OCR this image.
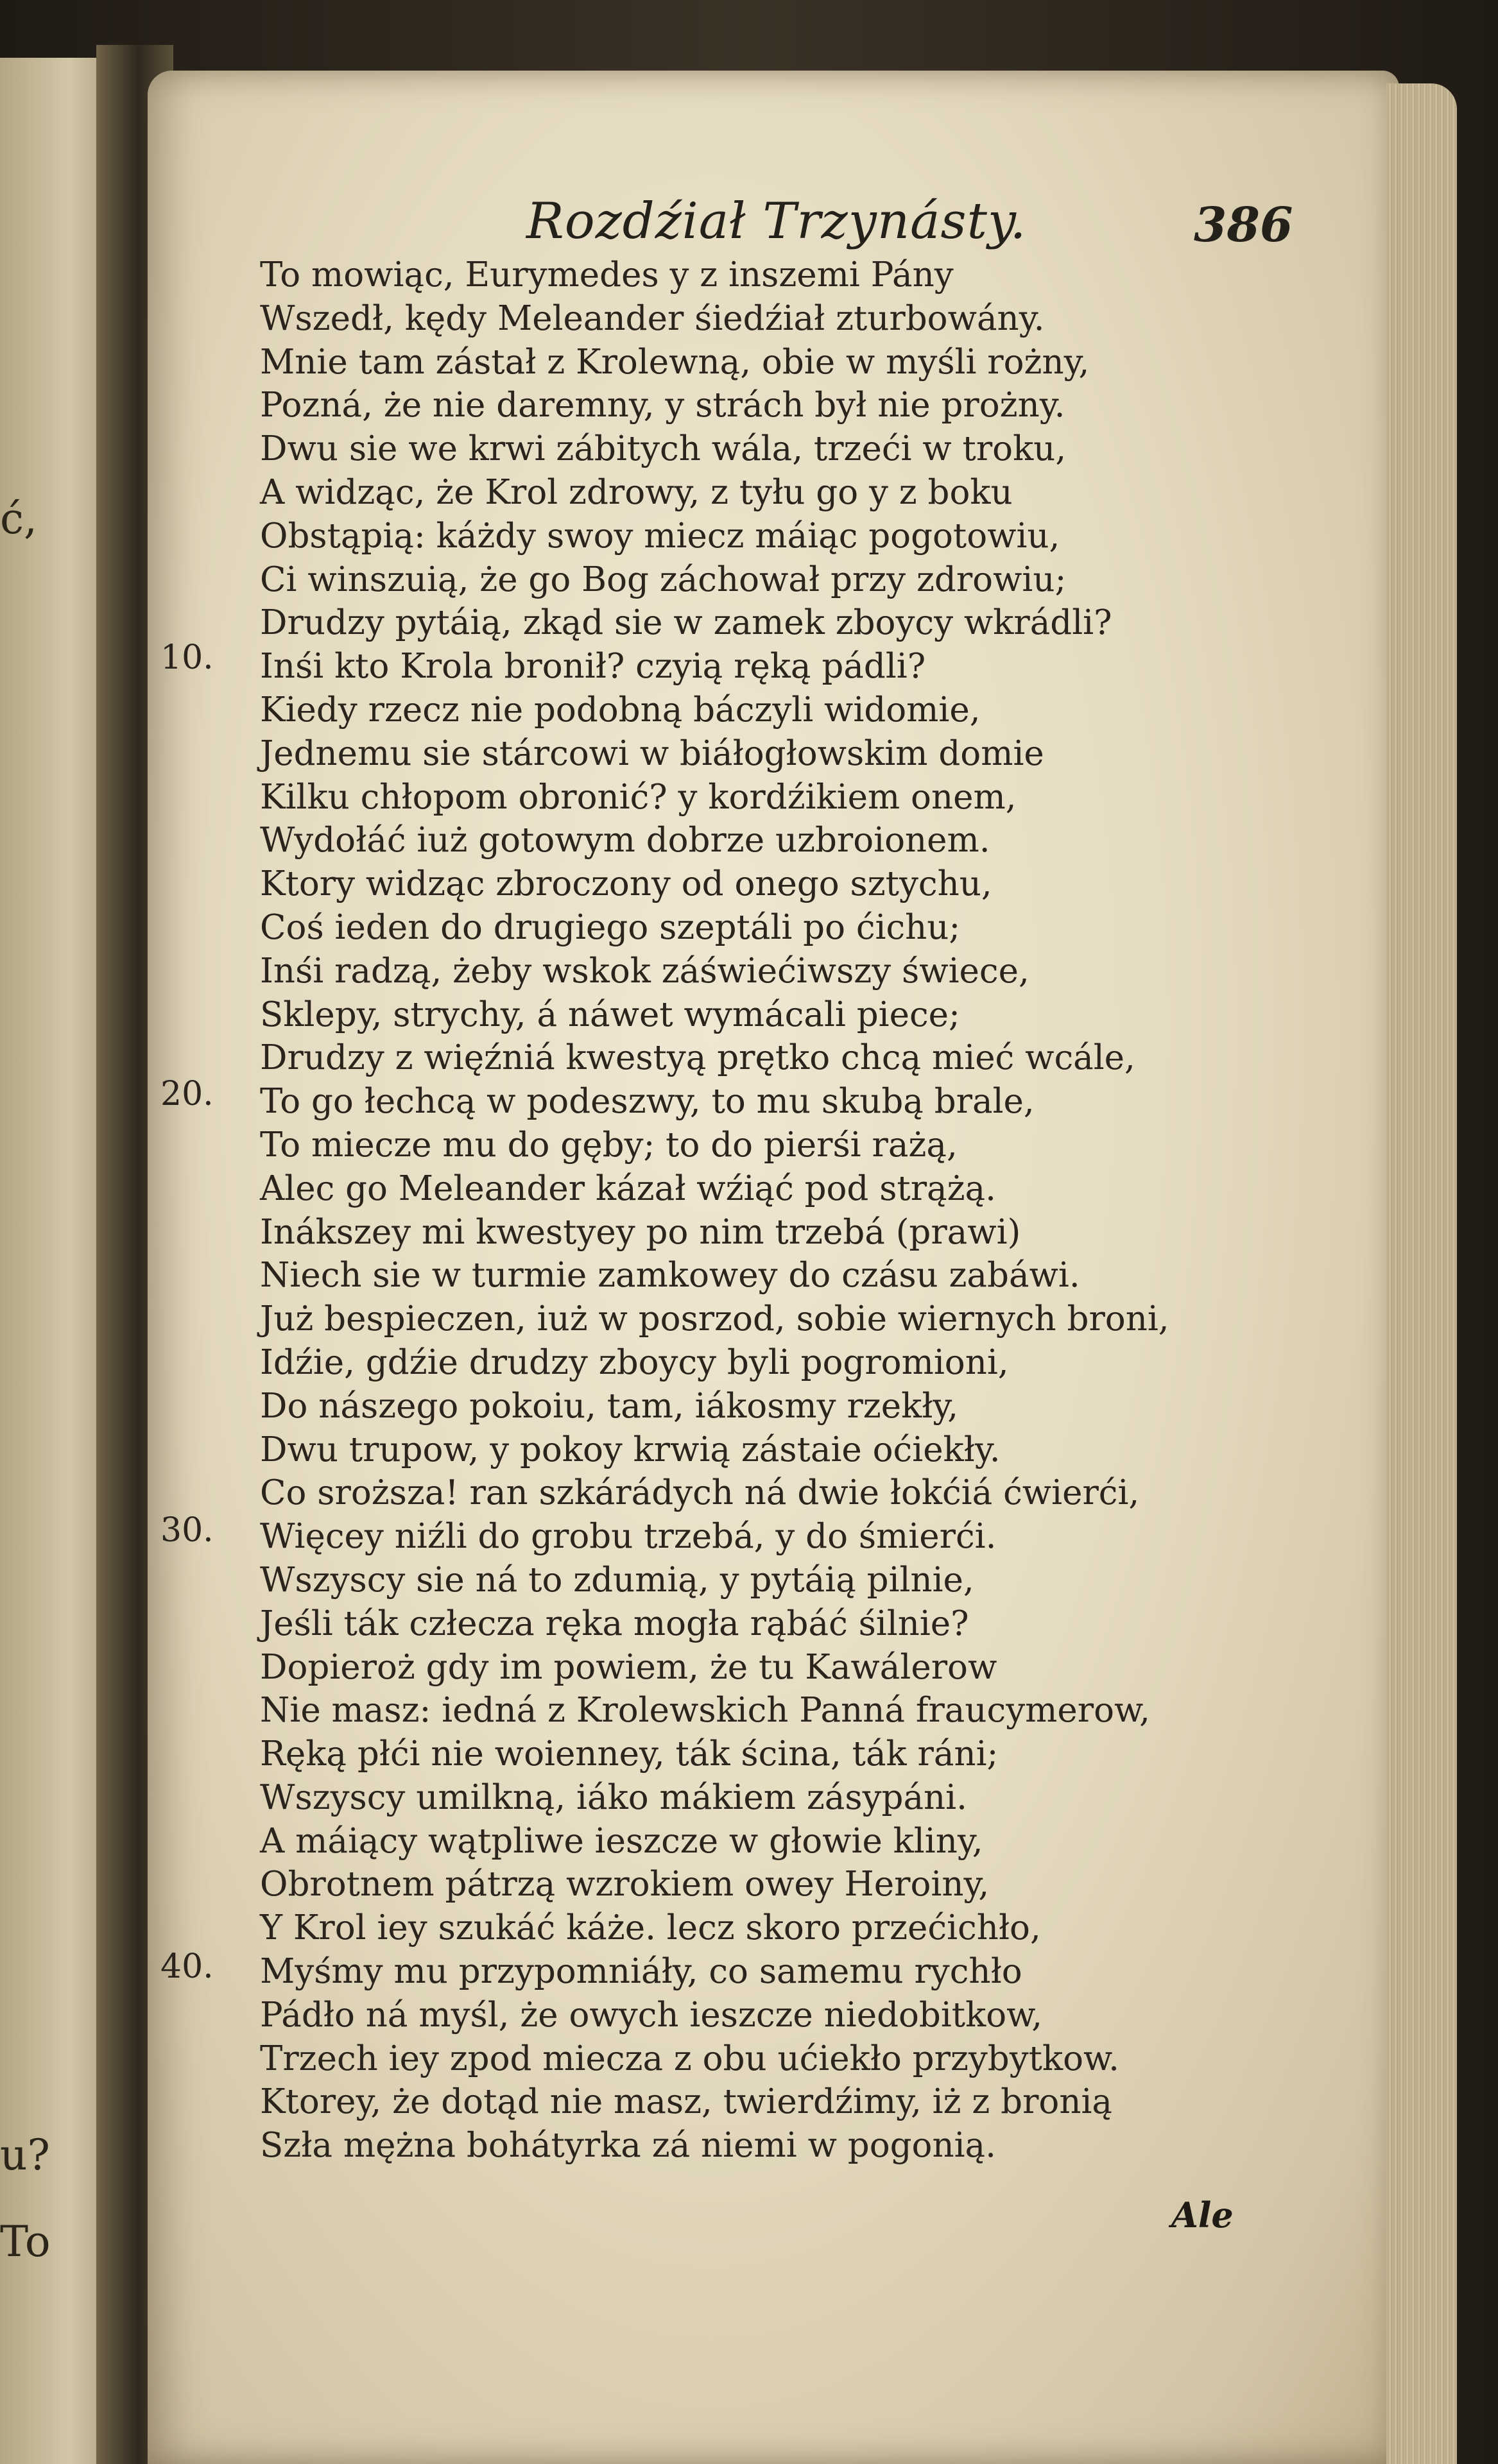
ć,
u?
To
Rozdźiał Trzynásty.	386
10.
20.
30.
40.
To mowiąc, Eurymedes y z inszemi Pány
Wszedł, kędy Meleander śiedźiał zturbowány.
Mnie tam zástał z Krolewną, obie w myśli rożny,
Pozná, że nie daremny, y strách był nie prożny.
Dwu sie we krwi zábitych wála, trzeći w troku,
A widząc, że Krol zdrowy, z tyłu go y z boku
Obstąpią: káżdy swoy miecz máiąc pogotowiu,
Ci winszuią, że go Bog záchował przy zdrowiu;
Drudzy pytáią, zkąd sie w zamek zboycy wkrádli?
Inśi kto Krola bronił? czyią ręką pádli?
Kiedy rzecz nie podobną báczyli widomie,
Jednemu sie stárcowi w biáłogłowskim domie
Kilku chłopom obronić? y kordźikiem onem,
Wydołáć iuż gotowym dobrze uzbroionem.
Ktory widząc zbroczony od onego sztychu,
Coś ieden do drugiego szeptáli po ćichu;
Inśi radzą, żeby wskok záświećiwszy świece,
Sklepy, strychy, á náwet wymácali piece;
Drudzy z więźniá kwestyą prętko chcą mieć wcále,
To go łechcą w podeszwy, to mu skubą brale,
To miecze mu do gęby; to do pierśi rażą,
Alec go Meleander kázał wźiąć pod strążą.
Inákszey mi kwestyey po nim trzebá (prawi)
Niech sie w turmie zamkowey do czásu zabáwi.
Już bespieczen, iuż w posrzod, sobie wiernych broni,
Idźie, gdźie drudzy zboycy byli pogromioni,
Do nászego pokoiu, tam, iákosmy rzekły,
Dwu trupow, y pokoy krwią zástaie oćiekły.
Co sroższa! ran szkárádych ná dwie łokćiá ćwierći,
Więcey niźli do grobu trzebá, y do śmierći.
Wszyscy sie ná to zdumią, y pytáią pilnie,
Jeśli ták człecza ręka mogła rąbáć śilnie?
Dopieroż gdy im powiem, że tu Kawálerow
Nie masz: iedná z Krolewskich Panná fraucymerow,
Ręką płći nie woienney, ták ścina, ták ráni;
Wszyscy umilkną, iáko mákiem zásypáni.
A máiący wątpliwe ieszcze w głowie kliny,
Obrotnem pátrzą wzrokiem owey Heroiny,
Y Krol iey szukáć káże. lecz skoro przećichło,
Myśmy mu przypomniáły, co samemu rychło
Pádło ná myśl, że owych ieszcze niedobitkow,
Trzech iey zpod miecza z obu ućiekło przybytkow.
Ktorey, że dotąd nie masz, twierdźimy, iż z bronią
Szła mężna bohátyrka zá niemi w pogonią.
Ale
